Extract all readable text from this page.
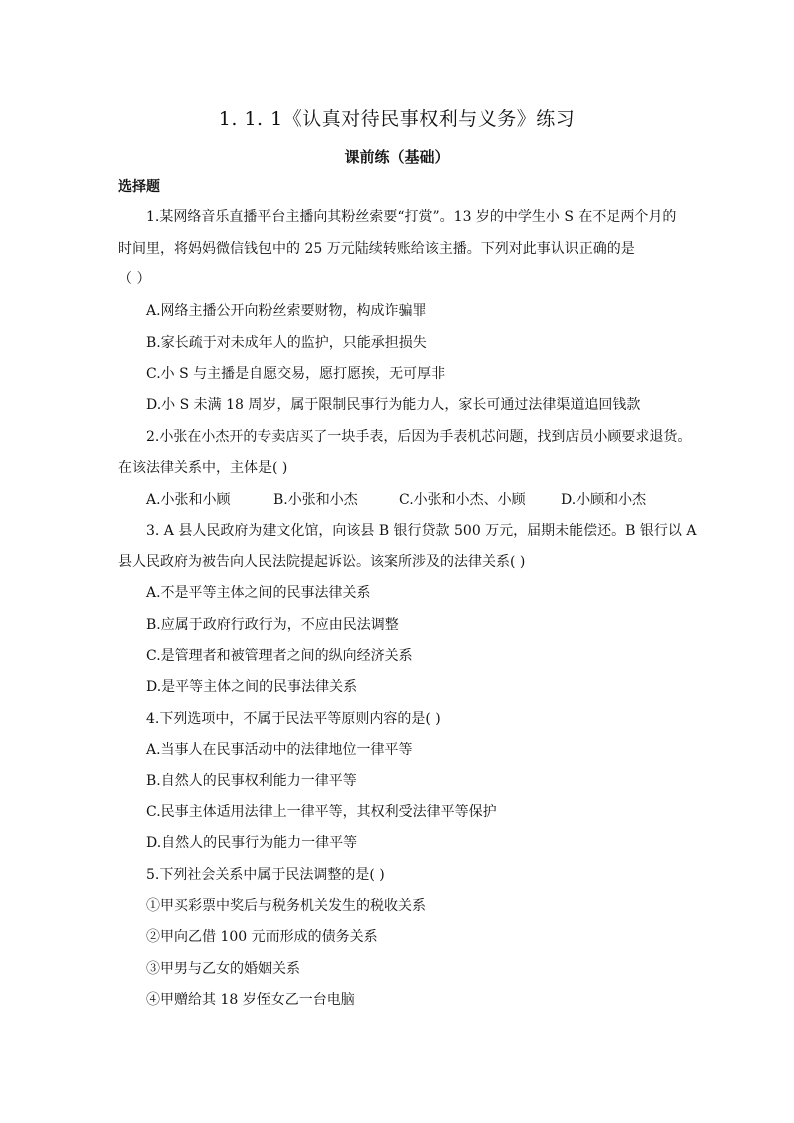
1. 1. 1《认真对待民事权利与义务》练习
课前练（基础）
选择题

1.某网络音乐直播平台主播向其粉丝索要“打赏”。13 岁的中学生小 S 在不足两个月的

时间里，将妈妈微信钱包中的 25 万元陆续转账给该主播。下列对此事认识正确的是

（ ）

A.网络主播公开向粉丝索要财物，构成诈骗罪

B.家长疏于对未成年人的监护，只能承担损失

C.小 S 与主播是自愿交易，愿打愿挨，无可厚非

D.小 S 未满 18 周岁，属于限制民事行为能力人，家长可通过法律渠道追回钱款

2.小张在小杰开的专卖店买了一块手表，后因为手表机芯问题，找到店员小顾要求退货。

在该法律关系中，主体是( )

A.小张和小顾	B.小张和小杰	C.小张和小杰、小顾	D.小顾和小杰

3. A 县人民政府为建文化馆，向该县 B 银行贷款 500 万元，届期未能偿还。B 银行以 A

县人民政府为被告向人民法院提起诉讼。该案所涉及的法律关系( )

A.不是平等主体之间的民事法律关系

B.应属于政府行政行为，不应由民法调整

C.是管理者和被管理者之间的纵向经济关系

D.是平等主体之间的民事法律关系

4.下列选项中，不属于民法平等原则内容的是( )

A.当事人在民事活动中的法律地位一律平等

B.自然人的民事权利能力一律平等

C.民事主体适用法律上一律平等，其权利受法律平等保护

D.自然人的民事行为能力一律平等

5.下列社会关系中属于民法调整的是( )

①甲买彩票中奖后与税务机关发生的税收关系

②甲向乙借 100 元而形成的债务关系

③甲男与乙女的婚姻关系

④甲赠给其 18 岁侄女乙一台电脑
